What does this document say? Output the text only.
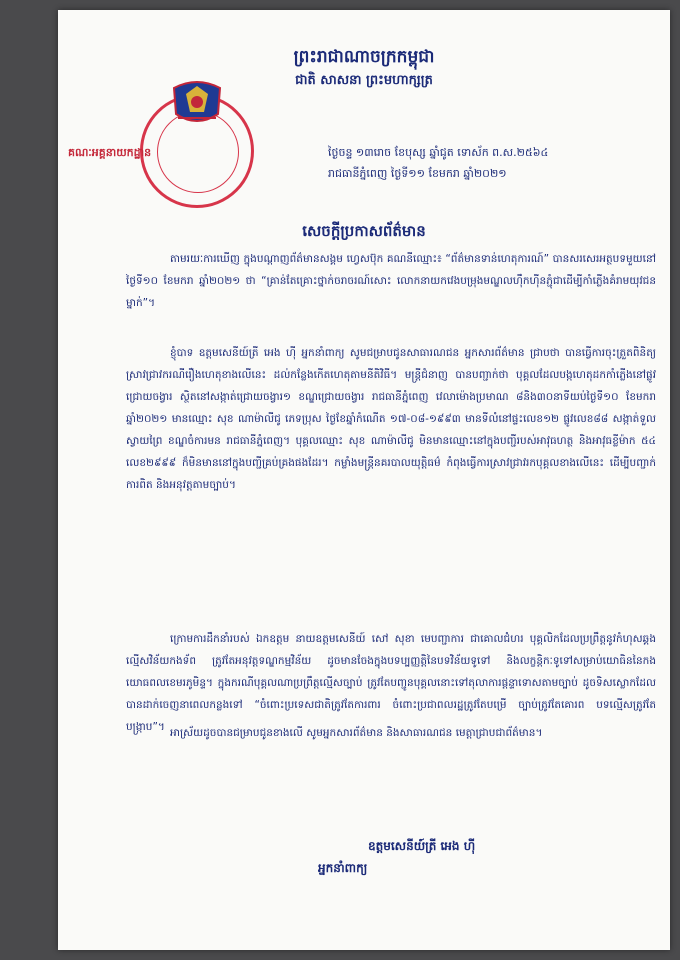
ព្រះរាជាណាចក្រកម្ពុជា
ជាតិ សាសនា ព្រះមហាក្សត្រ
គណៈអគ្គនាយកដ្ឋាន	ថ្ងៃចន្ទ ១៣រោច ខែបុស្ស ឆ្នាំជូត ទោស័ក ព.ស.២៥៦៤
រាជធានីភ្នំពេញ ថ្ងៃទី១១ ខែមករា ឆ្នាំ២០២១
សេចក្តីប្រកាសព័ត៌មាន
តាមរយៈការឃើញ ក្នុងបណ្ដាញព័ត៌មានសង្គម ហ្វេសប៊ុក គណនីឈ្មោះ៖ “ព័ត៌មានទាន់ហេតុការណ៍” បានសរសេរអត្ថបទមួយនៅថ្ងៃទី១០ ខែមករា ឆ្នាំ២០២១ ថា “គ្រាន់តែគ្រោះថ្នាក់ចរាចរណ៍សោះ លោកនាយកវេងបម្រុងមណ្ឌលហ៊ឹកហ៊ីនភ្ជុំជាដើម្បីកាំភ្លើងគំរាមយុវជនម្នាក់”។
ខ្ញុំបាទ ឧត្តមសេនីយ៍ត្រី អេង ហ៊ី អ្នកនាំពាក្យ សូមជម្រាបជូនសាធារណជន អ្នកសារព័ត៌មាន ជ្រាបថា បានធ្វើការចុះត្រួតពិនិត្យស្រាវជ្រាវករណីរឿងហេតុខាងលើនេះ ដល់កន្លែងកើតហេតុតាមនីតិវិធី។ មន្ត្រីជំនាញ បានបញ្ជាក់ថា បុគ្គលដែលបង្កហេតុដកកាំភ្លើងនៅផ្លូវជ្រោយចង្វារ ស្ថិតនៅសង្កាត់ជ្រោយចង្វារ១ ខណ្ឌជ្រោយចង្វារ រាជធានីភ្នំពេញ វេលាម៉ោងប្រមាណ ៨និង៣០នាទីយប់ថ្ងៃទី១០ ខែមករា ឆ្នាំ២០២១ មានឈ្មោះ សុខ ណាម៉ាលីជូ ភេទប្រុស ថ្ងៃខែឆ្នាំកំណើត ១៧-០៨-១៩៩៣ មានទីលំនៅផ្ទះលេខ១២ ផ្លូវលេខ៨៨ សង្កាត់ទួលស្វាយព្រៃ ខណ្ឌចំការមន រាជធានីភ្នំពេញ។ បុគ្គលឈ្មោះ សុខ ណាម៉ាលីជូ មិនមានឈ្មោះនៅក្នុងបញ្ជីរបស់អាវុធហត្ថ និងអាវុធខ្លីម៉ាក ៥៤ លេខ២៩៩៩ ក៏មិនមាននៅក្នុងបញ្ជីគ្រប់គ្រងផងដែរ។ កម្លាំងមន្ត្រីនគរបាលយុត្តិធម៌ កំពុងធ្វើការស្រាវជ្រាវរកបុគ្គលខាងលើនេះ ដើម្បីបញ្ជាក់ការពិត និងអនុវត្តតាមច្បាប់។
ក្រោមការដឹកនាំរបស់ ឯកឧត្តម នាយឧត្តមសេនីយ៍ សៅ សុខា មេបញ្ជាការ ជាគោលជំហរ បុគ្គលិកដែលប្រព្រឹត្តនូវកំហុសឆ្គង ល្មើសវិន័យកងទ័ព ត្រូវតែអនុវត្តទណ្ឌកម្មវិន័យ ដូចមានចែងក្នុងបទប្បញ្ញត្តិនៃបទវិន័យទូទៅ និងលក្ខន្តិកៈទូទៅសម្រាប់យោធិននៃកងយោធពលខេមរភូមិន្ទ។ ក្នុងករណីបុគ្គលណាប្រព្រឹត្តល្មើសច្បាប់ ត្រូវតែបញ្ជូនបុគ្គលនោះទៅតុលាការផ្តន្ទាទោសតាមច្បាប់ ដូចទិសស្លោកដែលបានដាក់ចេញនាពេលកន្លងទៅ “ចំពោះប្រទេសជាតិត្រូវតែការពារ ចំពោះប្រជាពលរដ្ឋត្រូវតែបម្រើ ច្បាប់ត្រូវតែគោរព បទល្មើសត្រូវតែបង្ក្រាប”។ អាស្រ័យដូចបានជម្រាបជូនខាងលើ សូមអ្នកសារព័ត៌មាន និងសាធារណជន មេត្តាជ្រាបជាព័ត៌មាន។
ឧត្តមសេនីយ៍ត្រី អេង ហ៊ី
អ្នកនាំពាក្យ
